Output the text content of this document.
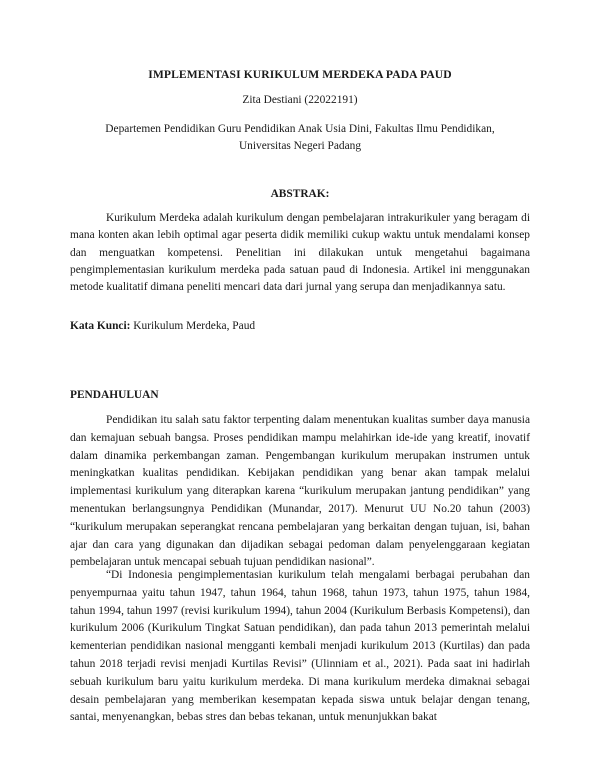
IMPLEMENTASI KURIKULUM MERDEKA PADA PAUD
Zita Destiani (22022191)
Departemen Pendidikan Guru Pendidikan Anak Usia Dini, Fakultas Ilmu Pendidikan,
Universitas Negeri Padang
ABSTRAK:

Kurikulum Merdeka adalah kurikulum dengan pembelajaran intrakurikuler yang beragam di mana konten akan lebih optimal agar peserta didik memiliki cukup waktu untuk mendalami konsep dan menguatkan kompetensi. Penelitian ini dilakukan untuk mengetahui bagaimana pengimplementasian kurikulum merdeka pada satuan paud di Indonesia. Artikel ini menggunakan metode kualitatif dimana peneliti mencari data dari jurnal yang serupa dan menjadikannya satu.

Kata Kunci: Kurikulum Merdeka, Paud
PENDAHULUAN

Pendidikan itu salah satu faktor terpenting dalam menentukan kualitas sumber daya manusia dan kemajuan sebuah bangsa. Proses pendidikan mampu melahirkan ide-ide yang kreatif, inovatif dalam dinamika perkembangan zaman. Pengembangan kurikulum merupakan instrumen untuk meningkatkan kualitas pendidikan. Kebijakan pendidikan yang benar akan tampak melalui implementasi kurikulum yang diterapkan karena “kurikulum merupakan jantung pendidikan” yang menentukan berlangsungnya Pendidikan (Munandar, 2017). Menurut UU No.20 tahun (2003) “kurikulum merupakan seperangkat rencana pembelajaran yang berkaitan dengan tujuan, isi, bahan ajar dan cara yang digunakan dan dijadikan sebagai pedoman dalam penyelenggaraan kegiatan pembelajaran untuk mencapai sebuah tujuan pendidikan nasional”.

“Di Indonesia pengimplementasian kurikulum telah mengalami berbagai perubahan dan penyempurnaa yaitu tahun 1947, tahun 1964, tahun 1968, tahun 1973, tahun 1975, tahun 1984, tahun 1994, tahun 1997 (revisi kurikulum 1994), tahun 2004 (Kurikulum Berbasis Kompetensi), dan kurikulum 2006 (Kurikulum Tingkat Satuan pendidikan), dan pada tahun 2013 pemerintah melalui kementerian pendidikan nasional mengganti kembali menjadi kurikulum 2013 (Kurtilas) dan pada tahun 2018 terjadi revisi menjadi Kurtilas Revisi” (Ulinniam et al., 2021). Pada saat ini hadirlah sebuah kurikulum baru yaitu kurikulum merdeka. Di mana kurikulum merdeka dimaknai sebagai desain pembelajaran yang memberikan kesempatan kepada siswa untuk belajar dengan tenang, santai, menyenangkan, bebas stres dan bebas tekanan, untuk menunjukkan bakat
